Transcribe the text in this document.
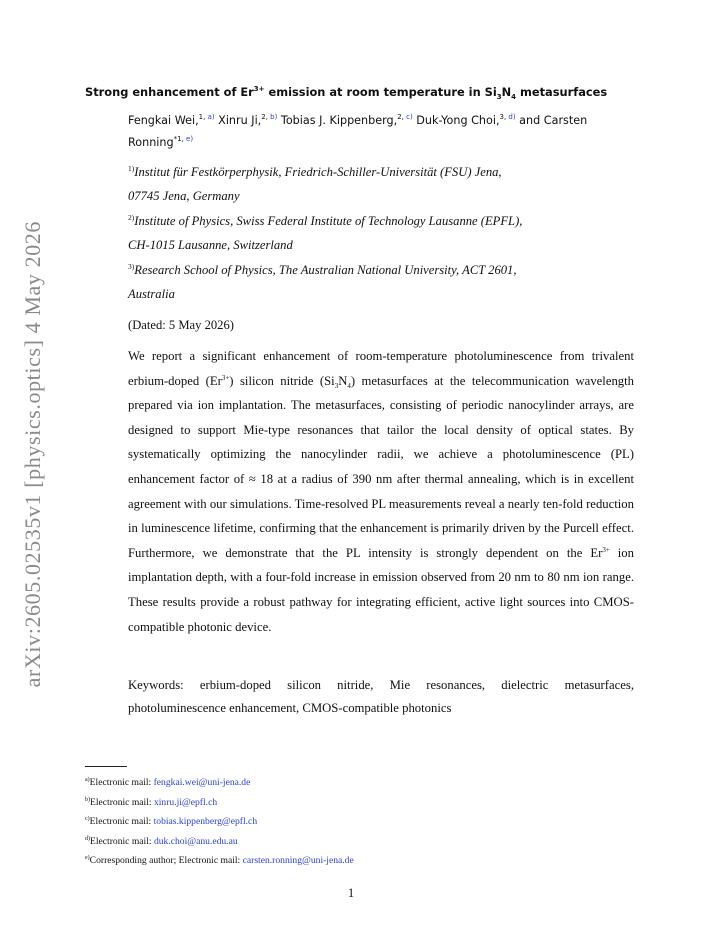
arXiv:2605.02535v1 [physics.optics] 4 May 2026
Strong enhancement of $Er^{3+}$ emission at room temperature in $Si_3N_4$ metasurfaces
Fengkai Wei,$^{1, a)}$ Xinru Ji,$^{2, b)}$ Tobias J. Kippenberg,$^{2, c)}$ Duk-Yong Choi,$^{3, d)}$ and Carsten Ronning$^{*1, e)}$
$^{1)}$Institut für Festkörperphysik, Friedrich-Schiller-Universität (FSU) Jena,
07745 Jena, Germany
$^{2)}$Institute of Physics, Swiss Federal Institute of Technology Lausanne (EPFL),
CH-1015 Lausanne, Switzerland
$^{3)}$Research School of Physics, The Australian National University, ACT 2601,
Australia
(Dated: 5 May 2026)

We report a significant enhancement of room-temperature photoluminescence from trivalent erbium-doped $(Er^{3+})$ silicon nitride $(Si_3N_4)$ metasurfaces at the telecommunication wavelength prepared via ion implantation. The metasurfaces, consisting of periodic nanocylinder arrays, are designed to support Mie-type resonances that tailor the local density of optical states. By systematically optimizing the nanocylinder radii, we achieve a photoluminescence (PL) enhancement factor of ≈ 18 at a radius of 390 nm after thermal annealing, which is in excellent agreement with our simulations. Time-resolved PL measurements reveal a nearly ten-fold reduction in luminescence lifetime, confirming that the enhancement is primarily driven by the Purcell effect. Furthermore, we demonstrate that the PL intensity is strongly dependent on the $Er^{3+}$ ion implantation depth, with a four-fold increase in emission observed from 20 nm to 80 nm ion range. These results provide a robust pathway for integrating efficient, active light sources into CMOS-compatible photonic device.

Keywords: erbium-doped silicon nitride, Mie resonances, dielectric metasurfaces, photoluminescence enhancement, CMOS-compatible photonics

$^{a)}$Electronic mail: fengkai.wei@uni-jena.de
$^{b)}$Electronic mail: xinru.ji@epfl.ch
$^{c)}$Electronic mail: tobias.kippenberg@epfl.ch
$^{d)}$Electronic mail: duk.choi@anu.edu.au
$^{e)}$Corresponding author; Electronic mail: carsten.ronning@uni-jena.de
1
